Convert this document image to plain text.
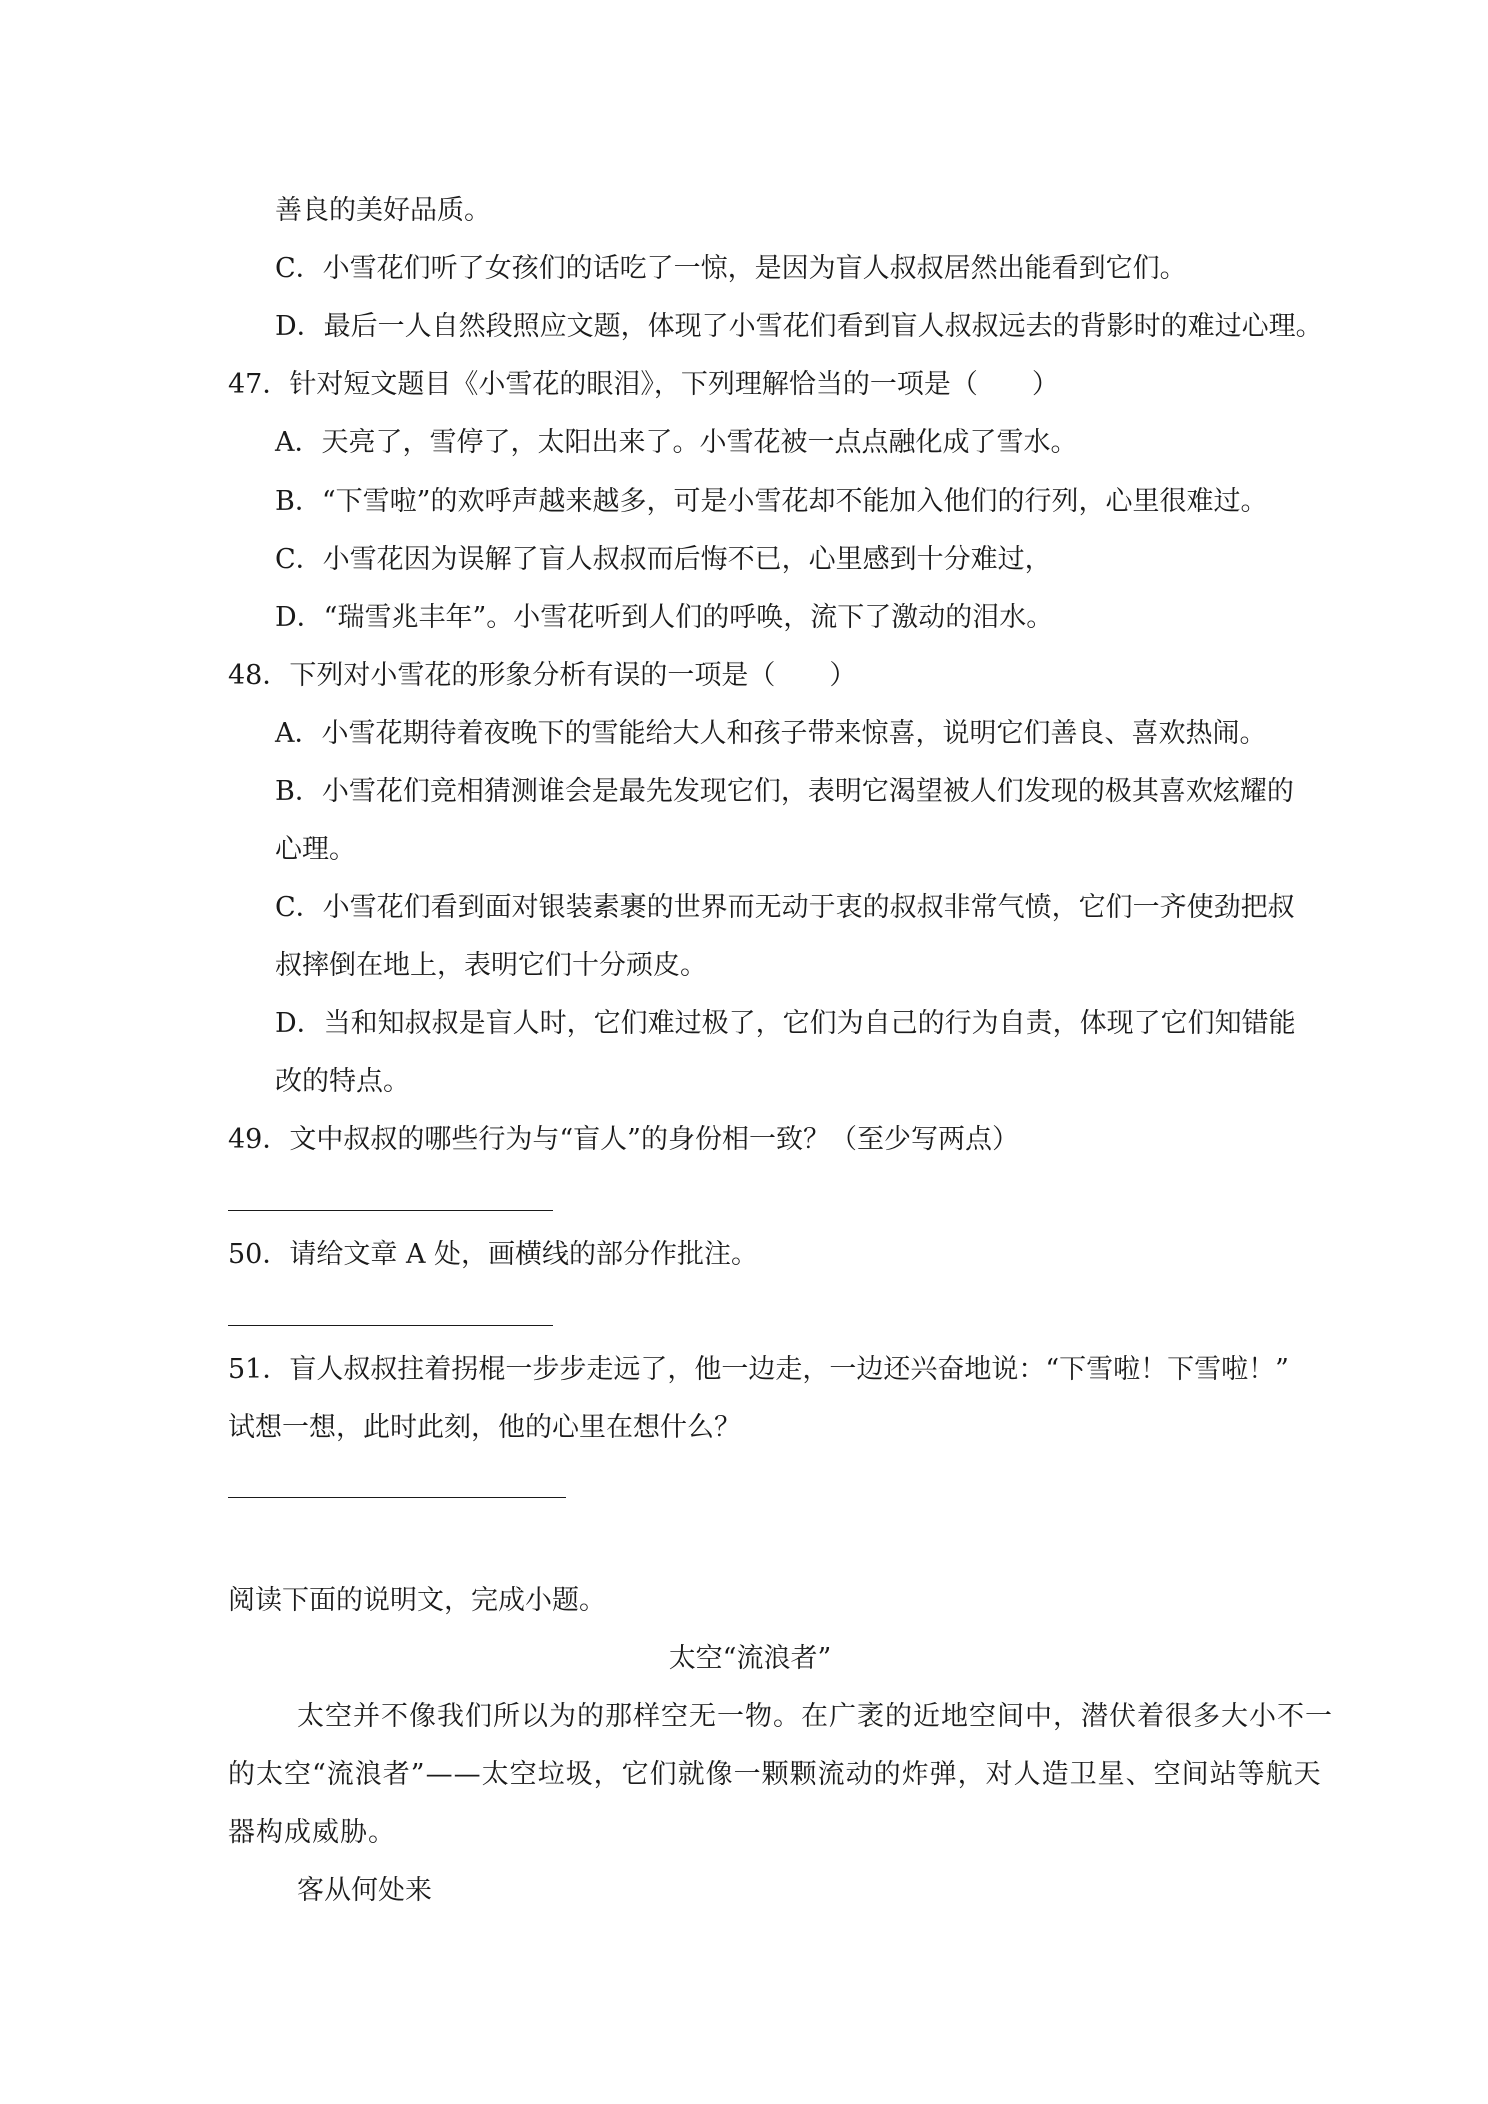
善良的美好品质。
C．小雪花们听了女孩们的话吃了一惊，是因为盲人叔叔居然出能看到它们。
D．最后一人自然段照应文题，体现了小雪花们看到盲人叔叔远去的背影时的难过心理。
47．针对短文题目《小雪花的眼泪》，下列理解恰当的一项是（　　）
A．天亮了，雪停了，太阳出来了。小雪花被一点点融化成了雪水。
B．“下雪啦”的欢呼声越来越多，可是小雪花却不能加入他们的行列，心里很难过。
C．小雪花因为误解了盲人叔叔而后悔不已，心里感到十分难过，
D．“瑞雪兆丰年”。小雪花听到人们的呼唤，流下了激动的泪水。
48．下列对小雪花的形象分析有误的一项是（　　）
A．小雪花期待着夜晚下的雪能给大人和孩子带来惊喜，说明它们善良、喜欢热闹。
B．小雪花们竞相猜测谁会是最先发现它们，表明它渴望被人们发现的极其喜欢炫耀的
心理。
C．小雪花们看到面对银装素裹的世界而无动于衷的叔叔非常气愤，它们一齐使劲把叔
叔摔倒在地上，表明它们十分顽皮。
D．当和知叔叔是盲人时，它们难过极了，它们为自己的行为自责，体现了它们知错能
改的特点。
49．文中叔叔的哪些行为与“盲人”的身份相一致？（至少写两点）
50．请给文章 A 处，画横线的部分作批注。
51．盲人叔叔拄着拐棍一步步走远了，他一边走，一边还兴奋地说：“下雪啦！下雪啦！”
试想一想，此时此刻，他的心里在想什么？
阅读下面的说明文，完成小题。
太空“流浪者”
太空并不像我们所以为的那样空无一物。在广袤的近地空间中，潜伏着很多大小不一
的太空“流浪者”——太空垃圾，它们就像一颗颗流动的炸弹，对人造卫星、空间站等航天
器构成威胁。
客从何处来
